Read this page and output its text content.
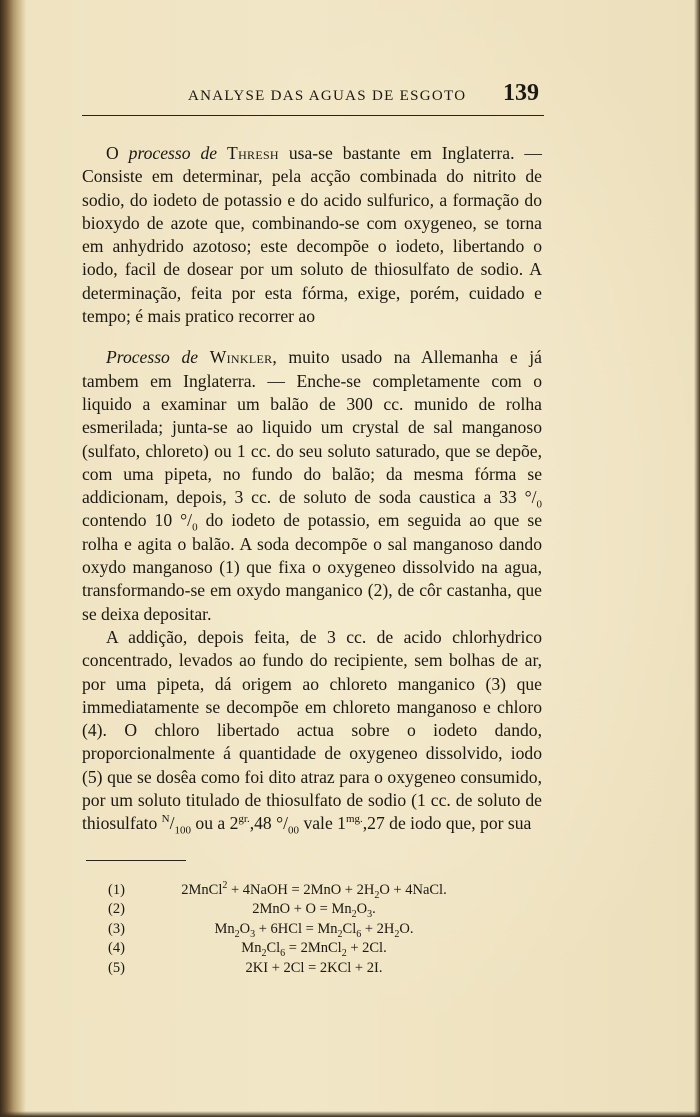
ANALYSE DAS AGUAS DE ESGOTO 139

O processo de Thresh usa-se bastante em Inglaterra. — Consiste em determinar, pela acção combinada do nitrito de sodio, do iodeto de potassio e do acido sulfurico, a formação do bioxydo de azote que, combinando-se com oxygeneo, se torna em anhydrido azotoso; este decompõe o iodeto, libertando o iodo, facil de dosear por um soluto de thiosulfato de sodio. A determinação, feita por esta fórma, exige, porém, cuidado e tempo; é mais pratico recorrer ao

Processo de Winkler, muito usado na Allemanha e já tambem em Inglaterra. — Enche-se completamente com o liquido a examinar um balão de 300 cc. munido de rolha esmerilada; junta-se ao liquido um crystal de sal manganoso (sulfato, chloreto) ou 1 cc. do seu soluto saturado, que se depõe, com uma pipeta, no fundo do balão; da mesma fórma se addicionam, depois, 3 cc. de soluto de soda caustica a 33 $^\circ/_0$ contendo 10 $^\circ/_0$ do iodeto de potassio, em seguida ao que se rolha e agita o balão. A soda decompõe o sal manganoso dando oxydo manganoso (1) que fixa o oxygeneo dissolvido na agua, transformando-se em oxydo manganico (2), de côr castanha, que se deixa depositar.

A addição, depois feita, de 3 cc. de acido chlorhydrico concentrado, levados ao fundo do recipiente, sem bolhas de ar, por uma pipeta, dá origem ao chloreto manganico (3) que immediatamente se decompõe em chloreto manganoso e chloro (4). O chloro libertado actua sobre o iodeto dando, proporcionalmente á quantidade de oxygeneo dissolvido, iodo (5) que se dosêa como foi dito atraz para o oxygeneo consumido, por um soluto titulado de thiosulfato de sodio (1 cc. de soluto de thiosulfato $^N/_{100}$ ou a $2^{gr.},48$ $^\circ/_{00}$ vale $1^{mg.},27$ de iodo que, por sua

(1)	2MnCl$^2$ + 4NaOH = $2MnO + 2H_2O$ + 4NaCl.
(2)	$2MnO + O = Mn_2O_3$.
(3)	$Mn_2O_3 + 6HCl = Mn_2Cl_6 + 2H_2O$.
(4)	$Mn_2Cl_6$ = 2MnCl$_2$ + 2Cl.
(5)	2KI + 2Cl = 2KCl + 2I.
